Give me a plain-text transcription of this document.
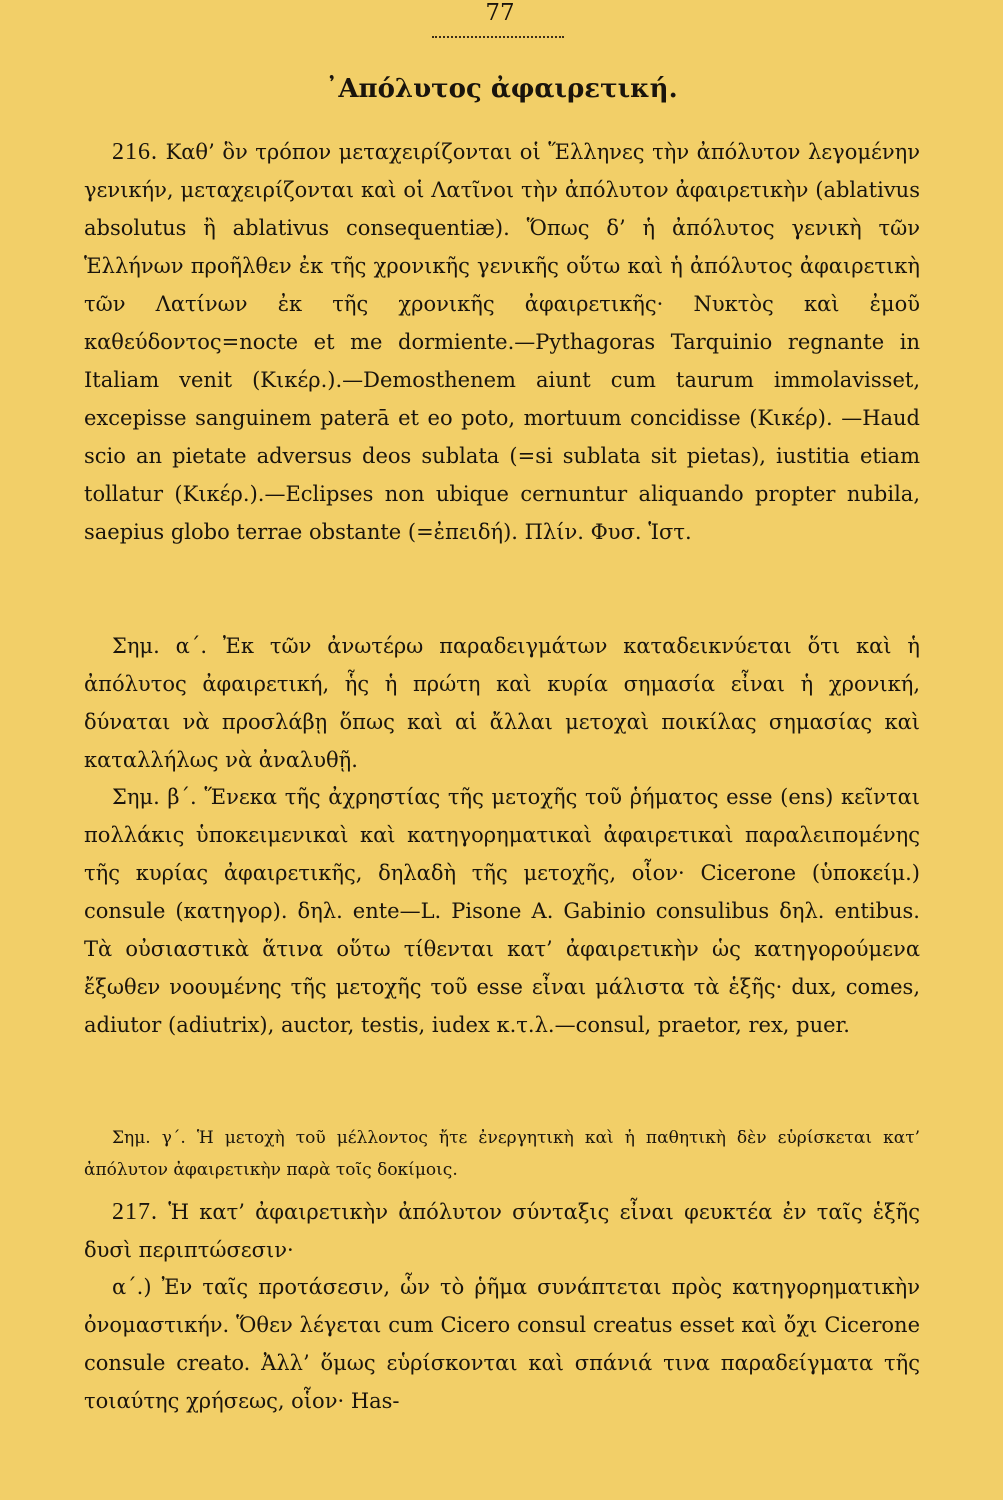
77
᾿Απόλυτος ἀφαιρετική.

216. Καθ’ ὃν τρόπον μεταχειρίζονται οἱ Ἕλληνες τὴν ἀπόλυτον λεγομένην γενικήν, μεταχειρίζονται καὶ οἱ Λατῖνοι τὴν ἀπόλυτον ἀφαιρετικὴν (ablativus absolutus ἢ ablativus consequentiæ). Ὅπως δ’ ἡ ἀπόλυτος γενικὴ τῶν Ἑλλήνων προῆλθεν ἐκ τῆς χρονικῆς γενικῆς οὕτω καὶ ἡ ἀπόλυτος ἀφαιρετικὴ τῶν Λατίνων ἐκ τῆς χρονικῆς ἀφαιρετικῆς· Νυκτὸς καὶ ἐμοῦ καθεύδοντος=nocte et me dormiente.—Pythagoras Tarquinio regnante in Italiam venit (Κικέρ.).—Demosthenem aiunt cum taurum immolavisset, excepisse sanguinem paterā et eo poto, mortuum concidisse (Κικέρ). —Haud scio an pietate adversus deos sublata (=si sublata sit pietas), iustitia etiam tollatur (Κικέρ.).—Eclipses non ubique cernuntur aliquando propter nubila, saepius globo terrae obstante (=ἐπειδή). Πλίν. Φυσ. Ἱστ.

Σημ. α΄. Ἐκ τῶν ἀνωτέρω παραδειγμάτων καταδεικνύεται ὅτι καὶ ἡ ἀπόλυτος ἀφαιρετική, ἧς ἡ πρώτη καὶ κυρία σημασία εἶναι ἡ χρονική, δύναται νὰ προσλάβῃ ὅπως καὶ αἱ ἄλλαι μετοχαὶ ποικίλας σημασίας καὶ καταλλήλως νὰ ἀναλυθῇ.

Σημ. β΄. Ἕνεκα τῆς ἀχρηστίας τῆς μετοχῆς τοῦ ῥήματος esse (ens) κεῖνται πολλάκις ὑποκειμενικαὶ καὶ κατηγορηματικαὶ ἀφαιρετικαὶ παραλειπομένης τῆς κυρίας ἀφαιρετικῆς, δηλαδὴ τῆς μετοχῆς, οἷον· Cicerone (ὑποκείμ.) consule (κατηγορ). δηλ. ente—L. Pisone A. Gabinio consulibus δηλ. entibus. Τὰ οὐσιαστικὰ ἅτινα οὕτω τίθενται κατ’ ἀφαιρετικὴν ὡς κατηγορούμενα ἔξωθεν νοουμένης τῆς μετοχῆς τοῦ esse εἶναι μάλιστα τὰ ἑξῆς· dux, comes, adiutor (adiutrix), auctor, testis, iudex κ.τ.λ.—consul, praetor, rex, puer.

Σημ. γ΄. Ἡ μετοχὴ τοῦ μέλλοντος ἤτε ἐνεργητικὴ καὶ ἡ παθητικὴ δὲν εὑρίσκεται κατ’ ἀπόλυτον ἀφαιρετικὴν παρὰ τοῖς δοκίμοις.

217. Ἡ κατ’ ἀφαιρετικὴν ἀπόλυτον σύνταξις εἶναι φευκτέα ἐν ταῖς ἑξῆς δυσὶ περιπτώσεσιν·

α΄.) Ἐν ταῖς προτάσεσιν, ὧν τὸ ῥῆμα συνάπτεται πρὸς κατηγορηματικὴν ὀνομαστικήν. Ὅθεν λέγεται cum Cicero consul creatus esset καὶ ὄχι Cicerone consule creato. Ἀλλ’ ὅμως εὑρίσκονται καὶ σπάνιά τινα παραδείγματα τῆς τοιαύτης χρήσεως, οἷον· Has-
